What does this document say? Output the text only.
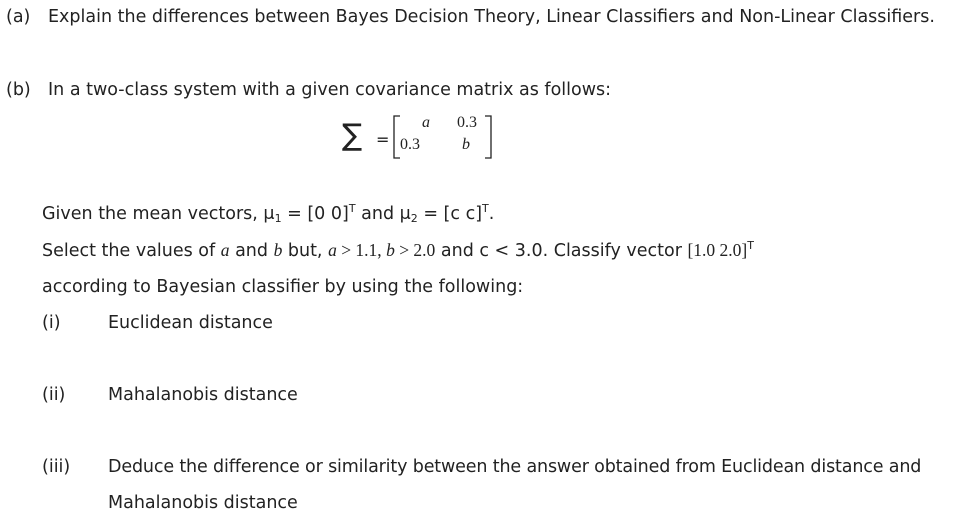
(a) Explain the differences between Bayes Decision Theory, Linear Classifiers and Non-Linear Classifiers.
(b) In a two-class system with a given covariance matrix as follows:
∑ =
a 0.3
0.3	b
Given the mean vectors, μ1 = [0 0]$^T$ and μ2 = [c c]$^T$.
Select the values of a and b but, a > 1.1, b > 2.0 and c < 3.0. Classify vector [1.0 2.0]$^T$
according to Bayesian classifier by using the following:
(i)	Euclidean distance
(ii) Mahalanobis distance
(iii) Deduce the difference or similarity between the answer obtained from Euclidean distance and
Mahalanobis distance
